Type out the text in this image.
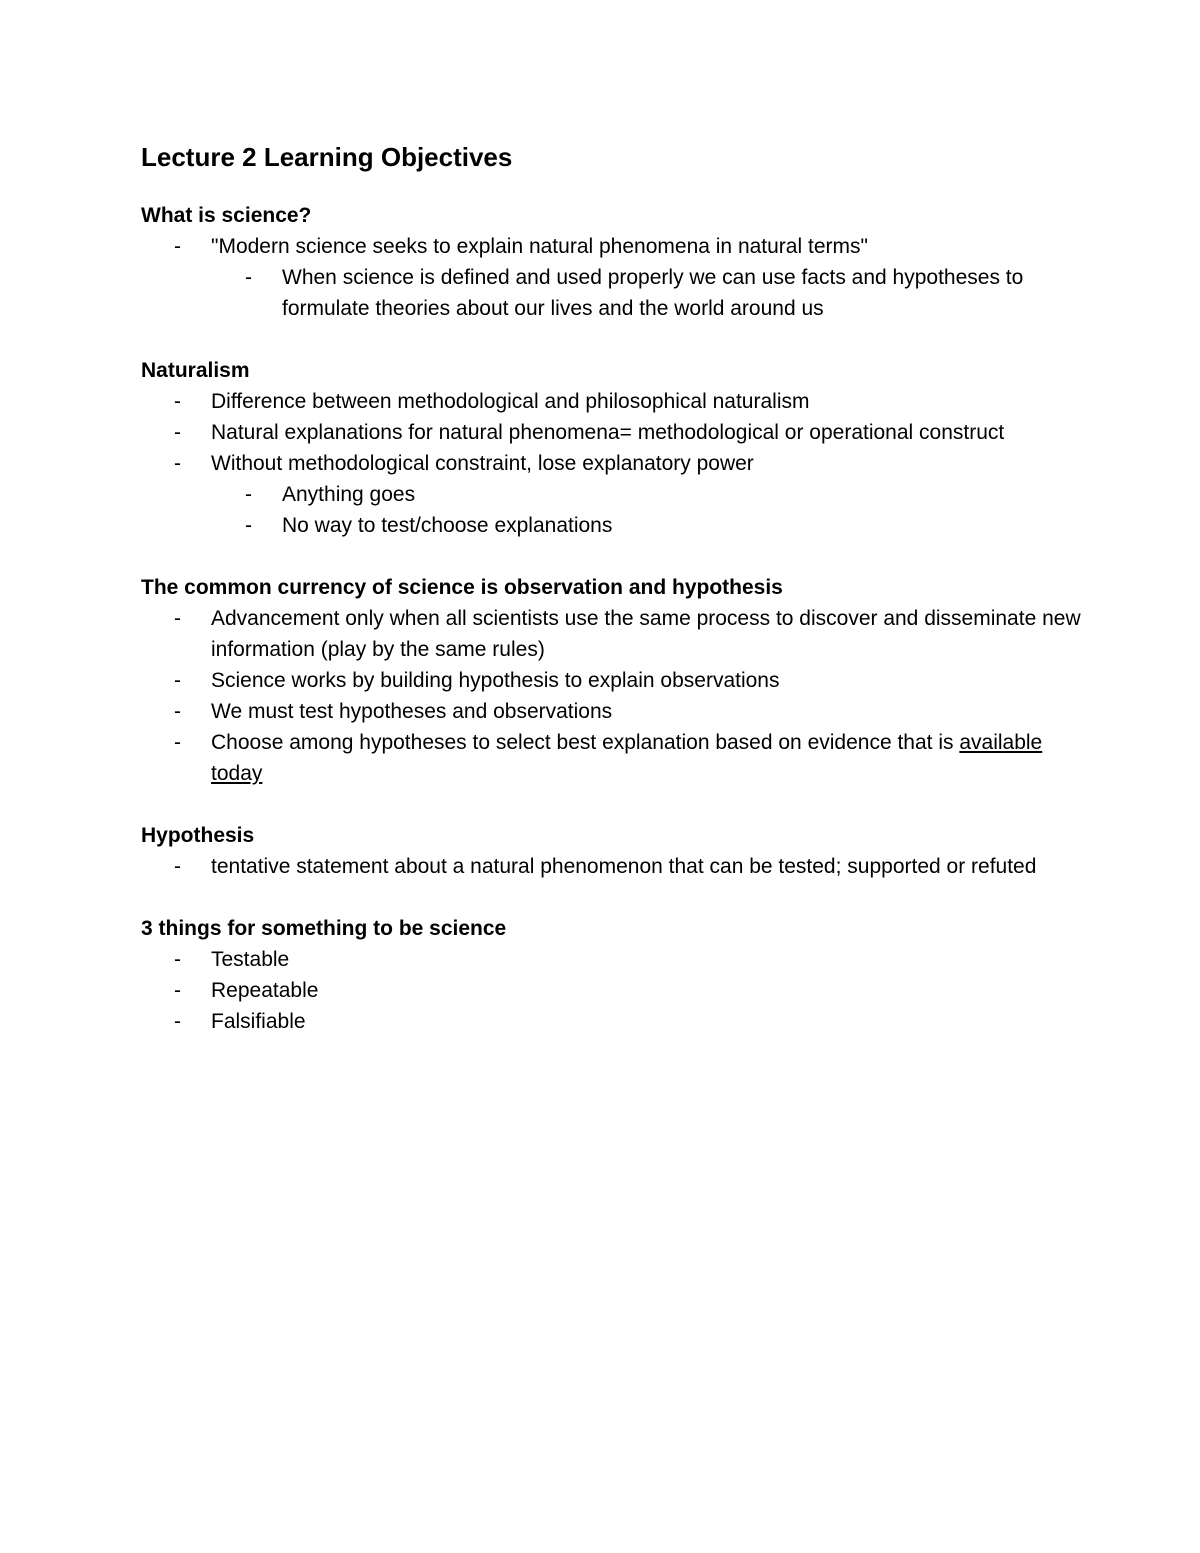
Lecture 2 Learning Objectives
What is science?
- "Modern science seeks to explain natural phenomena in natural terms"
- When science is defined and used properly we can use facts and hypotheses to formulate theories about our lives and the world around us
Naturalism
- Difference between methodological and philosophical naturalism
- Natural explanations for natural phenomena= methodological or operational construct
- Without methodological constraint, lose explanatory power
- Anything goes
- No way to test/choose explanations
The common currency of science is observation and hypothesis
- Advancement only when all scientists use the same process to discover and disseminate new information (play by the same rules)
- Science works by building hypothesis to explain observations
- We must test hypotheses and observations
- Choose among hypotheses to select best explanation based on evidence that is available today
Hypothesis
- tentative statement about a natural phenomenon that can be tested; supported or refuted
3 things for something to be science
- Testable
- Repeatable
- Falsifiable
